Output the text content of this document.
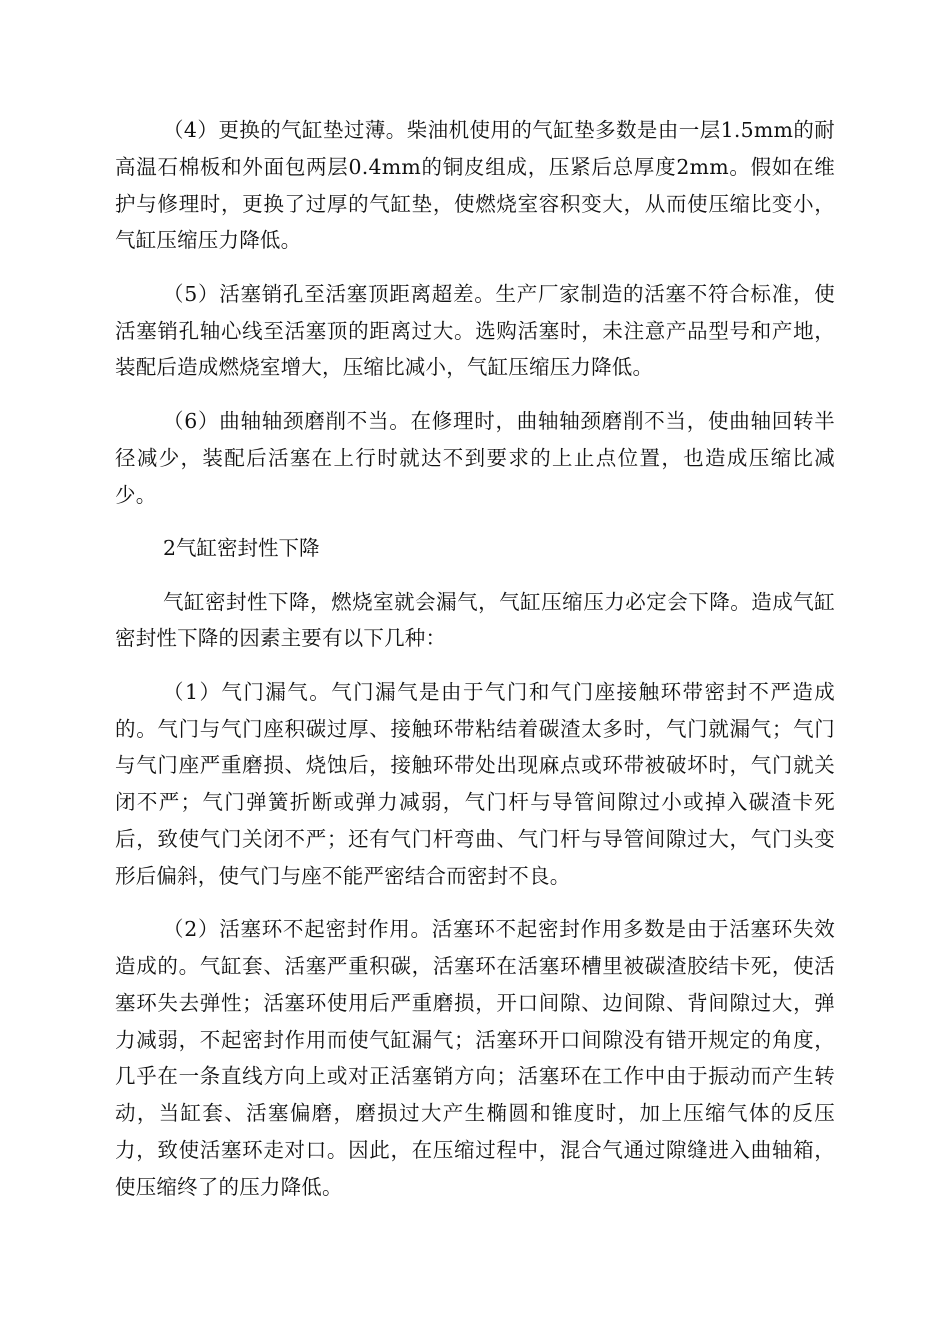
（4）更换的气缸垫过薄。柴油机使用的气缸垫多数是由一层1.5mm的耐高温石棉板和外面包两层0.4mm的铜皮组成，压紧后总厚度2mm。假如在维护与修理时，更换了过厚的气缸垫，使燃烧室容积变大，从而使压缩比变小，气缸压缩压力降低。

（5）活塞销孔至活塞顶距离超差。生产厂家制造的活塞不符合标准，使活塞销孔轴心线至活塞顶的距离过大。选购活塞时，未注意产品型号和产地，装配后造成燃烧室增大，压缩比减小，气缸压缩压力降低。

（6）曲轴轴颈磨削不当。在修理时，曲轴轴颈磨削不当，使曲轴回转半径减少，装配后活塞在上行时就达不到要求的上止点位置，也造成压缩比减少。

2气缸密封性下降

气缸密封性下降，燃烧室就会漏气，气缸压缩压力必定会下降。造成气缸密封性下降的因素主要有以下几种：

（1）气门漏气。气门漏气是由于气门和气门座接触环带密封不严造成的。气门与气门座积碳过厚、接触环带粘结着碳渣太多时，气门就漏气；气门与气门座严重磨损、烧蚀后，接触环带处出现麻点或环带被破坏时，气门就关闭不严；气门弹簧折断或弹力减弱，气门杆与导管间隙过小或掉入碳渣卡死后，致使气门关闭不严；还有气门杆弯曲、气门杆与导管间隙过大，气门头变形后偏斜，使气门与座不能严密结合而密封不良。

（2）活塞环不起密封作用。活塞环不起密封作用多数是由于活塞环失效造成的。气缸套、活塞严重积碳，活塞环在活塞环槽里被碳渣胶结卡死，使活塞环失去弹性；活塞环使用后严重磨损，开口间隙、边间隙、背间隙过大，弹力减弱，不起密封作用而使气缸漏气；活塞环开口间隙没有错开规定的角度，几乎在一条直线方向上或对正活塞销方向；活塞环在工作中由于振动而产生转动，当缸套、活塞偏磨，磨损过大产生椭圆和锥度时，加上压缩气体的反压力，致使活塞环走对口。因此，在压缩过程中，混合气通过隙缝进入曲轴箱，使压缩终了的压力降低。
